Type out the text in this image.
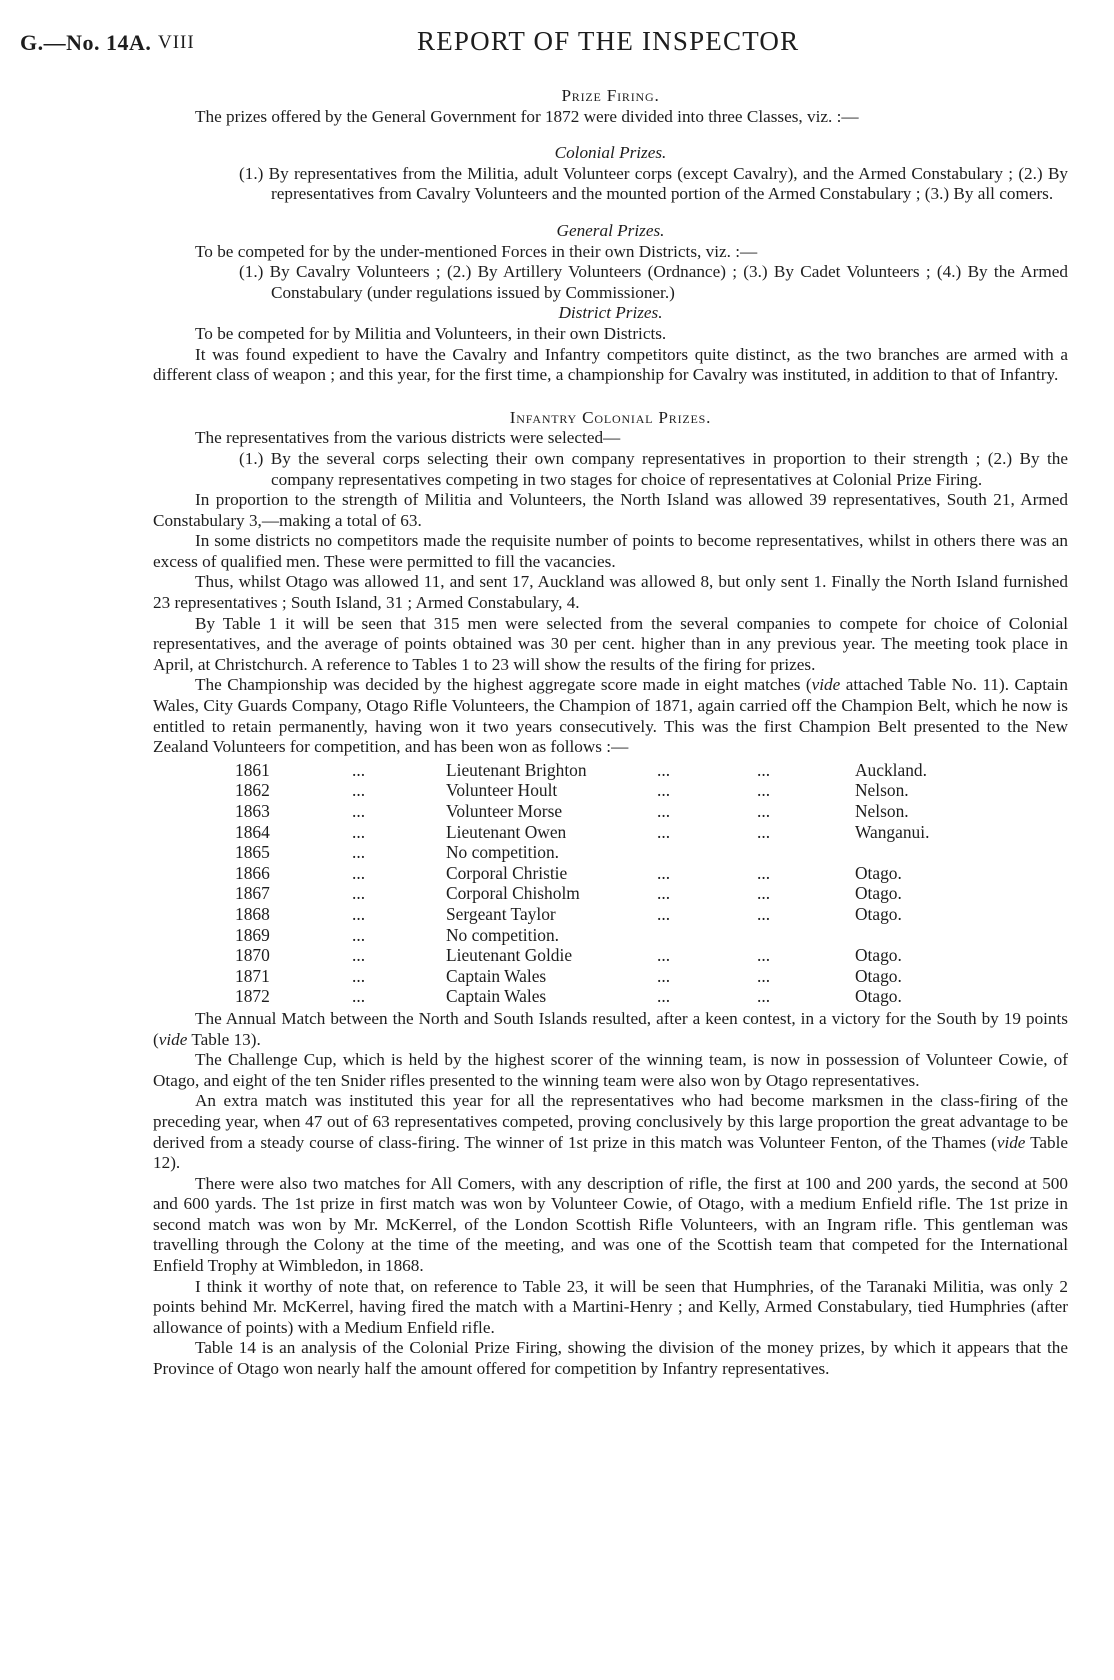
G.—No. 14A. VIII	REPORT OF THE INSPECTOR
Prize Firing.

The prizes offered by the General Government for 1872 were divided into three Classes, viz. :—

Colonial Prizes.
(1.) By representatives from the Militia, adult Volunteer corps (except Cavalry), and the Armed Constabulary ; (2.) By representatives from Cavalry Volunteers and the mounted portion of the Armed Constabulary ; (3.) By all comers.
General Prizes.

To be competed for by the under-mentioned Forces in their own Districts, viz. :—

(1.) By Cavalry Volunteers ; (2.) By Artillery Volunteers (Ordnance) ; (3.) By Cadet Volunteers ; (4.) By the Armed Constabulary (under regulations issued by Commissioner.)
District Prizes.

To be competed for by Militia and Volunteers, in their own Districts.

It was found expedient to have the Cavalry and Infantry competitors quite distinct, as the two branches are armed with a different class of weapon ; and this year, for the first time, a championship for Cavalry was instituted, in addition to that of Infantry.

Infantry Colonial Prizes.

The representatives from the various districts were selected—

(1.) By the several corps selecting their own company representatives in proportion to their strength ; (2.) By the company representatives competing in two stages for choice of representatives at Colonial Prize Firing.

In proportion to the strength of Militia and Volunteers, the North Island was allowed 39 representatives, South 21, Armed Constabulary 3,—making a total of 63.

In some districts no competitors made the requisite number of points to become representatives, whilst in others there was an excess of qualified men. These were permitted to fill the vacancies.

Thus, whilst Otago was allowed 11, and sent 17, Auckland was allowed 8, but only sent 1. Finally the North Island furnished 23 representatives ; South Island, 31 ; Armed Constabulary, 4.

By Table 1 it will be seen that 315 men were selected from the several companies to compete for choice of Colonial representatives, and the average of points obtained was 30 per cent. higher than in any previous year. The meeting took place in April, at Christchurch. A reference to Tables 1 to 23 will show the results of the firing for prizes.

The Championship was decided by the highest aggregate score made in eight matches (vide attached Table No. 11). Captain Wales, City Guards Company, Otago Rifle Volunteers, the Champion of 1871, again carried off the Champion Belt, which he now is entitled to retain permanently, having won it two years consecutively. This was the first Champion Belt presented to the New Zealand Volunteers for competition, and has been won as follows :—

1861	...	Lieutenant Brighton	...	...	Auckland.
1862	...	Volunteer Hoult	...	...	Nelson.
1863	...	Volunteer Morse	...	...	Nelson.
1864	...	Lieutenant Owen	...	...	Wanganui.
1865	...	No competition.			
1866	...	Corporal Christie	...	...	Otago.
1867	...	Corporal Chisholm	...	...	Otago.
1868	...	Sergeant Taylor	...	...	Otago.
1869	...	No competition.			
1870	...	Lieutenant Goldie	...	...	Otago.
1871	...	Captain Wales	...	...	Otago.
1872	...	Captain Wales	...	...	Otago.

The Annual Match between the North and South Islands resulted, after a keen contest, in a victory for the South by 19 points (vide Table 13).

The Challenge Cup, which is held by the highest scorer of the winning team, is now in possession of Volunteer Cowie, of Otago, and eight of the ten Snider rifles presented to the winning team were also won by Otago representatives.

An extra match was instituted this year for all the representatives who had become marksmen in the class-firing of the preceding year, when 47 out of 63 representatives competed, proving conclusively by this large proportion the great advantage to be derived from a steady course of class-firing. The winner of 1st prize in this match was Volunteer Fenton, of the Thames (vide Table 12).

There were also two matches for All Comers, with any description of rifle, the first at 100 and 200 yards, the second at 500 and 600 yards. The 1st prize in first match was won by Volunteer Cowie, of Otago, with a medium Enfield rifle. The 1st prize in second match was won by Mr. McKerrel, of the London Scottish Rifle Volunteers, with an Ingram rifle. This gentleman was travelling through the Colony at the time of the meeting, and was one of the Scottish team that competed for the International Enfield Trophy at Wimbledon, in 1868.

I think it worthy of note that, on reference to Table 23, it will be seen that Humphries, of the Taranaki Militia, was only 2 points behind Mr. McKerrel, having fired the match with a Martini-Henry ; and Kelly, Armed Constabulary, tied Humphries (after allowance of points) with a Medium Enfield rifle.

Table 14 is an analysis of the Colonial Prize Firing, showing the division of the money prizes, by which it appears that the Province of Otago won nearly half the amount offered for competition by Infantry representatives.
